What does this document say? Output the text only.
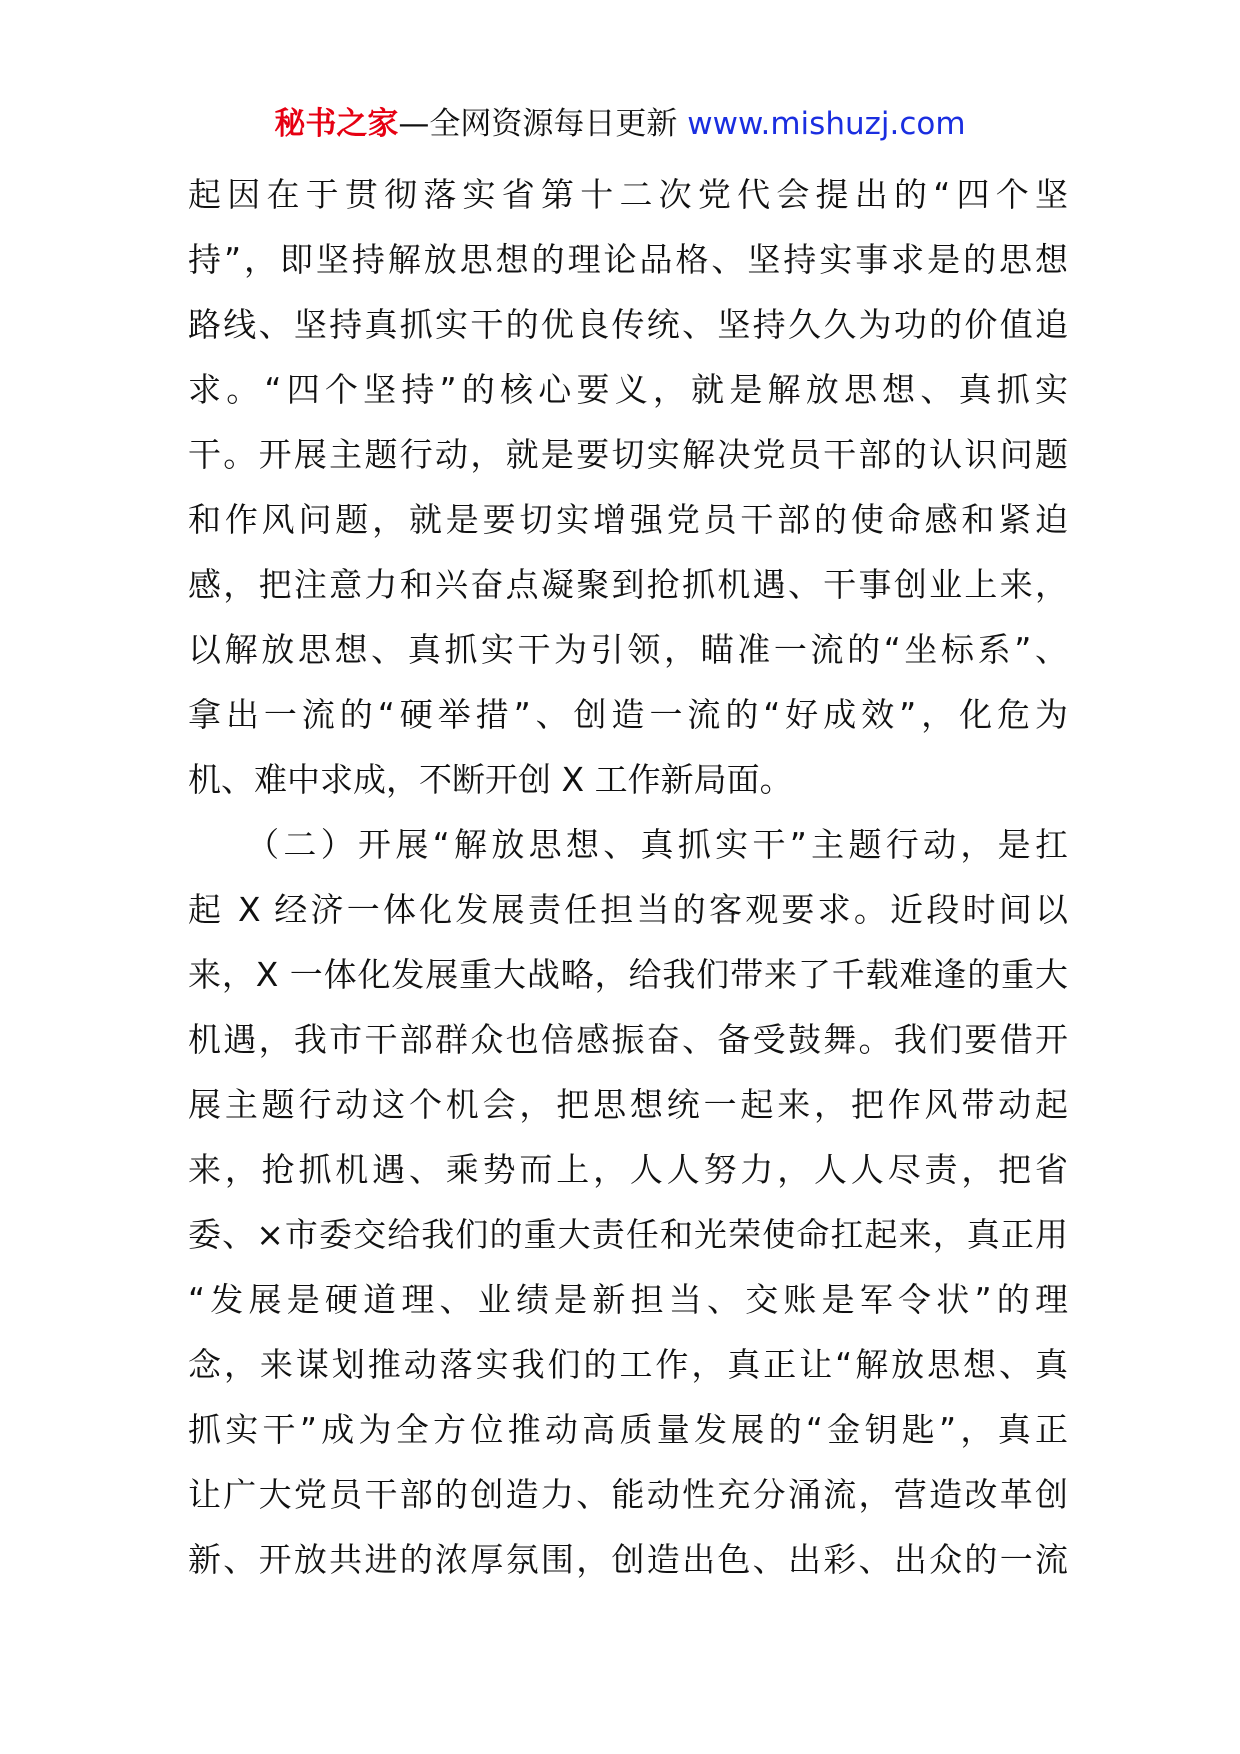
秘书之家—全网资源每日更新 www.mishuzj.com
起因在于贯彻落实省第十二次党代会提出的“四个坚
持”，即坚持解放思想的理论品格、坚持实事求是的思想
路线、坚持真抓实干的优良传统、坚持久久为功的价值追
求。“四个坚持”的核心要义，就是解放思想、真抓实
干。开展主题行动，就是要切实解决党员干部的认识问题
和作风问题，就是要切实增强党员干部的使命感和紧迫
感，把注意力和兴奋点凝聚到抢抓机遇、干事创业上来，
以解放思想、真抓实干为引领，瞄准一流的“坐标系”、
拿出一流的“硬举措”、创造一流的“好成效”，化危为
机、难中求成，不断开创 X 工作新局面。
　　（二）开展“解放思想、真抓实干”主题行动，是扛
起 X 经济一体化发展责任担当的客观要求。近段时间以
来，X 一体化发展重大战略，给我们带来了千载难逢的重大
机遇，我市干部群众也倍感振奋、备受鼓舞。我们要借开
展主题行动这个机会，把思想统一起来，把作风带动起
来，抢抓机遇、乘势而上，人人努力，人人尽责，把省
委、×市委交给我们的重大责任和光荣使命扛起来，真正用
“发展是硬道理、业绩是新担当、交账是军令状”的理
念，来谋划推动落实我们的工作，真正让“解放思想、真
抓实干”成为全方位推动高质量发展的“金钥匙”，真正
让广大党员干部的创造力、能动性充分涌流，营造改革创
新、开放共进的浓厚氛围，创造出色、出彩、出众的一流
